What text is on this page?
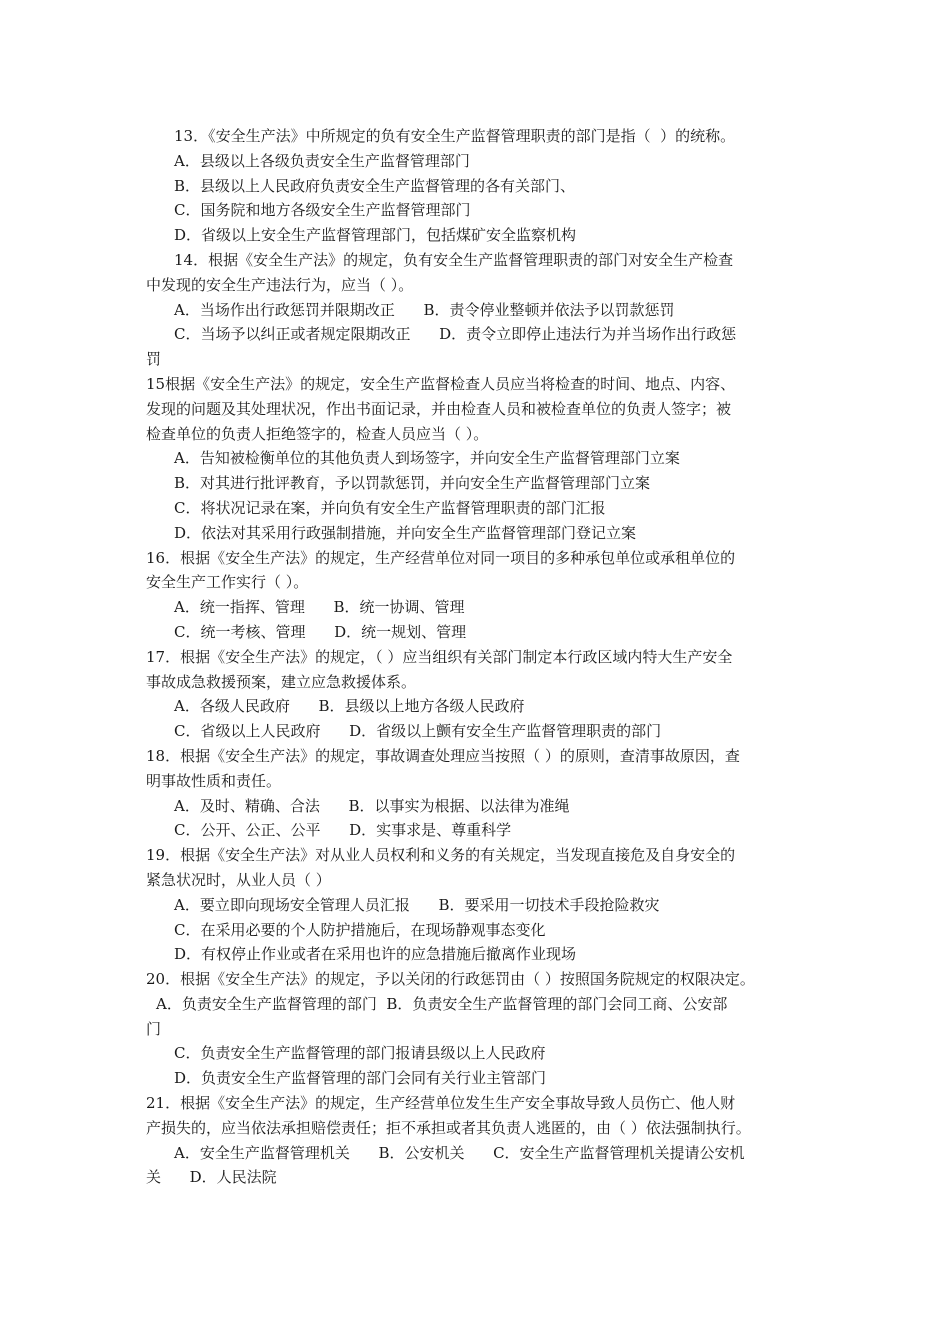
13．《安全生产法》中所规定的负有安全生产监督管理职责的部门是指（  ）的统称。
A．县级以上各级负责安全生产监督管理部门
B．县级以上人民政府负责安全生产监督管理的各有关部门、
C．国务院和地方各级安全生产监督管理部门
D．省级以上安全生产监督管理部门，包括煤矿安全监察机构
14．根据《安全生产法》的规定，负有安全生产监督管理职责的部门对安全生产检查
中发现的安全生产违法行为，应当（ ）。
A．当场作出行政惩罚并限期改正      B．责令停业整顿并依法予以罚款惩罚
C．当场予以纠正或者规定限期改正      D．责令立即停止违法行为并当场作出行政惩
罚
15根据《安全生产法》的规定，安全生产监督检查人员应当将检查的时间、地点、内容、
发现的问题及其处理状况，作出书面记录，并由检查人员和被检查单位的负责人签字；被
检查单位的负责人拒绝签字的，检查人员应当（ ）。
A．告知被检衡单位的其他负责人到场签字，并向安全生产监督管理部门立案
B．对其进行批评教育，予以罚款惩罚，并向安全生产监督管理部门立案
C．将状况记录在案，并向负有安全生产监督管理职责的部门汇报
D．依法对其采用行政强制措施，并向安全生产监督管理部门登记立案
16．根据《安全生产法》的规定，生产经营单位对同一项目的多种承包单位或承租单位的
安全生产工作实行（ ）。
A．统一指挥、管理      B．统一协调、管理
C．统一考核、管理      D．统一规划、管理
17．根据《安全生产法》的规定，（ ）应当组织有关部门制定本行政区域内特大生产安全
事故成急救援预案，建立应急救援体系。
A．各级人民政府      B．县级以上地方各级人民政府
C．省级以上人民政府      D．省级以上颤有安全生产监督管理职责的部门
18．根据《安全生产法》的规定，事故调查处理应当按照（ ）的原则，查清事故原因，查
明事故性质和责任。
A．及时、精确、合法      B．以事实为根据、以法律为准绳
C．公开、公正、公平      D．实事求是、尊重科学
19．根据《安全生产法》对从业人员权利和义务的有关规定，当发现直接危及自身安全的
紧急状况时，从业人员（ ）
A．要立即向现场安全管理人员汇报      B．要采用一切技术手段抢险救灾
C．在采用必要的个人防护措施后，在现场静观事态变化
D．有权停止作业或者在采用也许的应急措施后撤离作业现场
20．根据《安全生产法》的规定，予以关闭的行政惩罚由（ ）按照国务院规定的权限决定。
A．负责安全生产监督管理的部门  B．负责安全生产监督管理的部门会同工商、公安部
门
C．负责安全生产监督管理的部门报请县级以上人民政府
D．负责安全生产监督管理的部门会同有关行业主管部门
21．根据《安全生产法》的规定，生产经营单位发生生产安全事故导致人员伤亡、他人财
产损失的，应当依法承担赔偿责任；拒不承担或者其负责人逃匿的，由（ ）依法强制执行。
A．安全生产监督管理机关      B．公安机关      C．安全生产监督管理机关提请公安机
关      D．人民法院
